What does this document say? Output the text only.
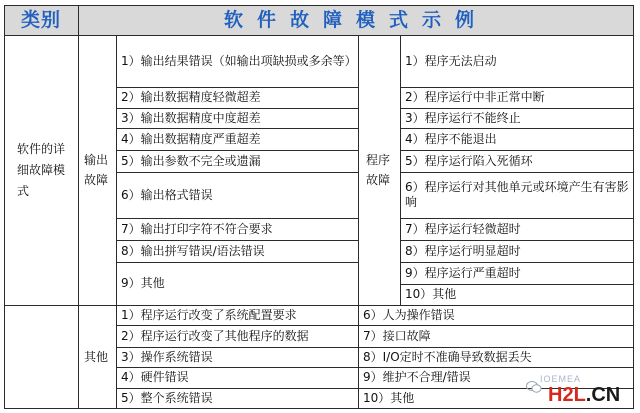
类别	软件故障模式示例
软件的详细故障模式
输出故障
1）输出结果错误（如输出项缺损或多余等）
2）输出数据精度轻微超差
3）输出数据精度中度超差
4）输出数据精度严重超差
5）输出参数不完全或遗漏
6）输出格式错误
7）输出打印字符不符合要求
8）输出拼写错误/语法错误
9）其他
程序故障
1）程序无法启动
2）程序运行中非正常中断
3）程序运行不能终止
4）程序不能退出
5）程序运行陷入死循环
6）程序运行对其他单元或环境产生有害影响
7）程序运行轻微超时
8）程序运行明显超时
9）程序运行严重超时
10）其他
其他
1）程序运行改变了系统配置要求
2）程序运行改变了其他程序的数据
3）操作系统错误
4）硬件错误
5）整个系统错误
6）人为操作错误
7）接口故障
8）I/O定时不准确导致数据丢失
9）维护不合理/错误
10）其他
IOEMEA
H2L.CN
